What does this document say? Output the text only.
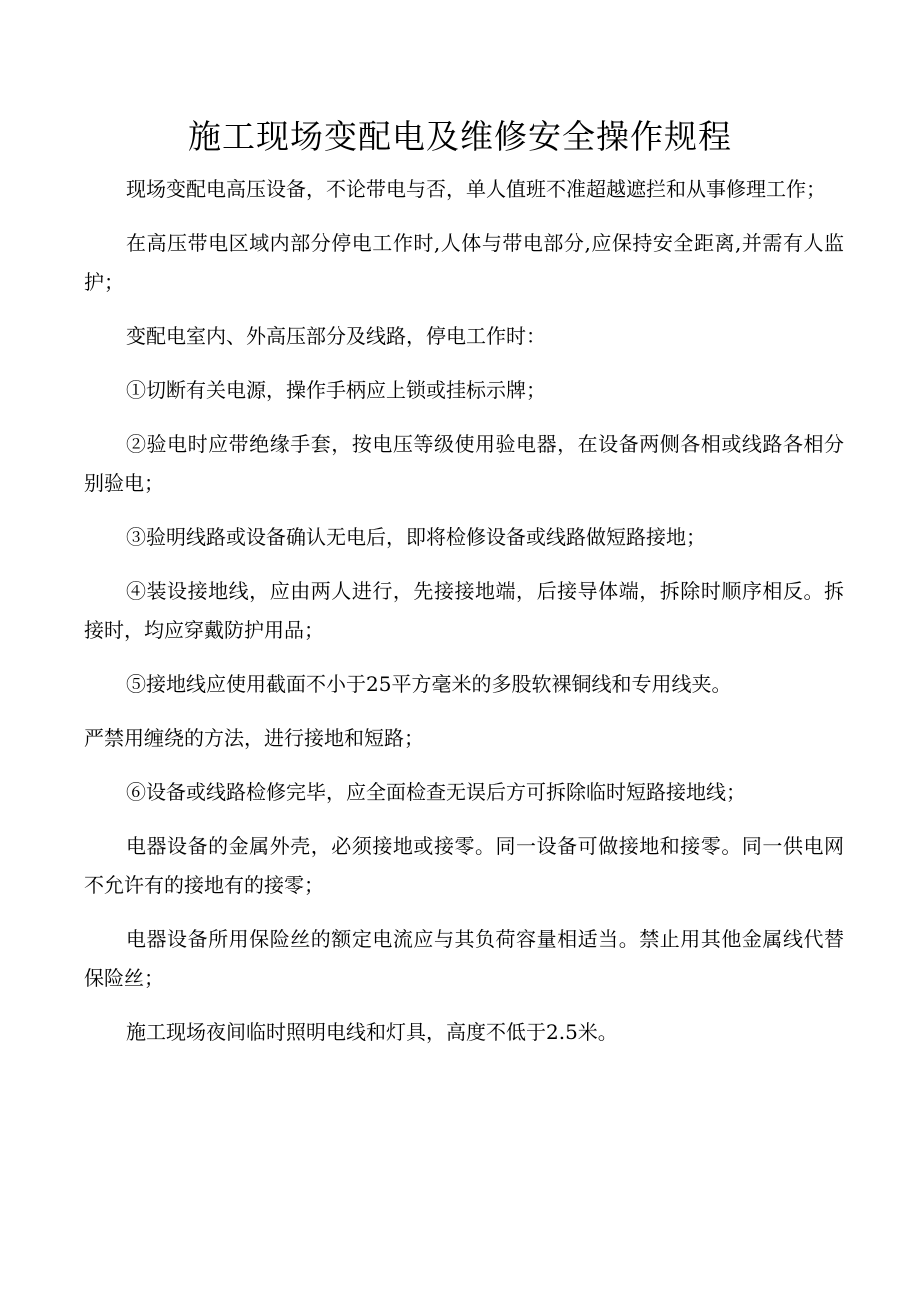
施工现场变配电及维修安全操作规程

现场变配电高压设备，不论带电与否，单人值班不准超越遮拦和从事修理工作；

在高压带电区域内部分停电工作时,人体与带电部分,应保持安全距离,并需有人监护；

变配电室内、外高压部分及线路，停电工作时：

①切断有关电源，操作手柄应上锁或挂标示牌；

②验电时应带绝缘手套，按电压等级使用验电器，在设备两侧各相或线路各相分别验电；

③验明线路或设备确认无电后，即将检修设备或线路做短路接地；

④装设接地线，应由两人进行，先接接地端，后接导体端，拆除时顺序相反。拆接时，均应穿戴防护用品；

⑤接地线应使用截面不小于25平方毫米的多股软裸铜线和专用线夹。

严禁用缠绕的方法，进行接地和短路；

⑥设备或线路检修完毕，应全面检查无误后方可拆除临时短路接地线；

电器设备的金属外壳，必须接地或接零。同一设备可做接地和接零。同一供电网不允许有的接地有的接零；

电器设备所用保险丝的额定电流应与其负荷容量相适当。禁止用其他金属线代替保险丝；

施工现场夜间临时照明电线和灯具，高度不低于2.5米。
